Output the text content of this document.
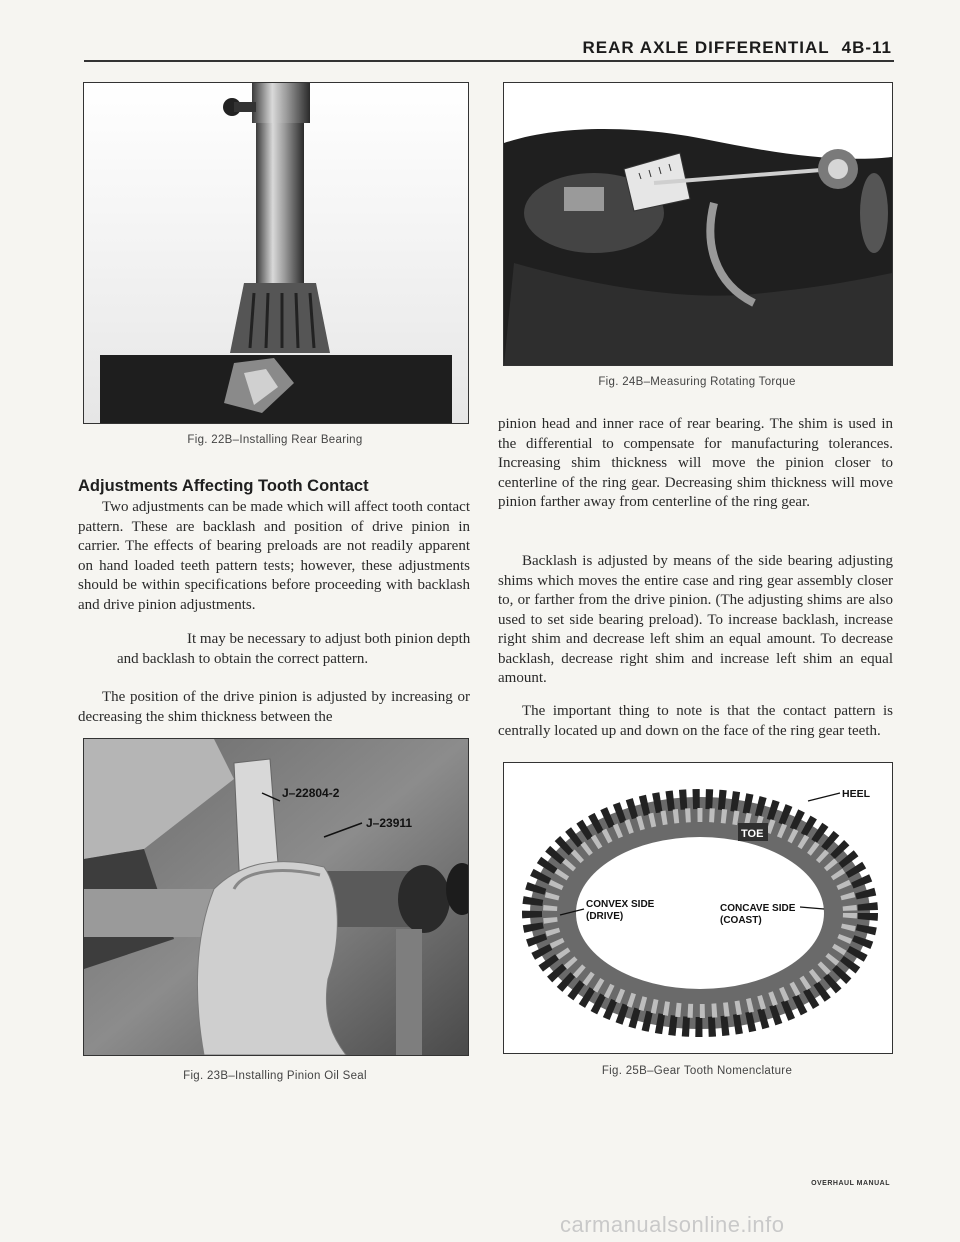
REAR AXLE DIFFERENTIAL 4B-11
Fig. 22B–Installing Rear Bearing
Adjustments Affecting Tooth Contact

Two adjustments can be made which will affect tooth contact pattern. These are backlash and position of drive pinion in carrier. The effects of bearing preloads are not readily apparent on hand loaded teeth pattern tests; however, these adjustments should be within specifications before proceeding with backlash and drive pinion adjustments.

It may be necessary to adjust both pinion depth and backlash to obtain the correct pattern.

The position of the drive pinion is adjusted by increasing or decreasing the shim thickness between the

J–22804-2
J–23911
Fig. 23B–Installing Pinion Oil Seal
Fig. 24B–Measuring Rotating Torque

pinion head and inner race of rear bearing. The shim is used in the differential to compensate for manufacturing tolerances. Increasing shim thickness will move the pinion closer to centerline of the ring gear. Decreasing shim thickness will move pinion farther away from centerline of the ring gear.

Backlash is adjusted by means of the side bearing adjusting shims which moves the entire case and ring gear assembly closer to, or farther from the drive pinion. (The adjusting shims are also used to set side bearing preload). To increase backlash, increase right shim and decrease left shim an equal amount. To decrease backlash, decrease right shim and increase left shim an equal amount.

The important thing to note is that the contact pattern is centrally located up and down on the face of the ring gear teeth.

TOE
HEEL
CONVEX SIDE
(DRIVE)
CONCAVE SIDE
(COAST)
Fig. 25B–Gear Tooth Nomenclature
OVERHAUL MANUAL
carmanualsonline.info
